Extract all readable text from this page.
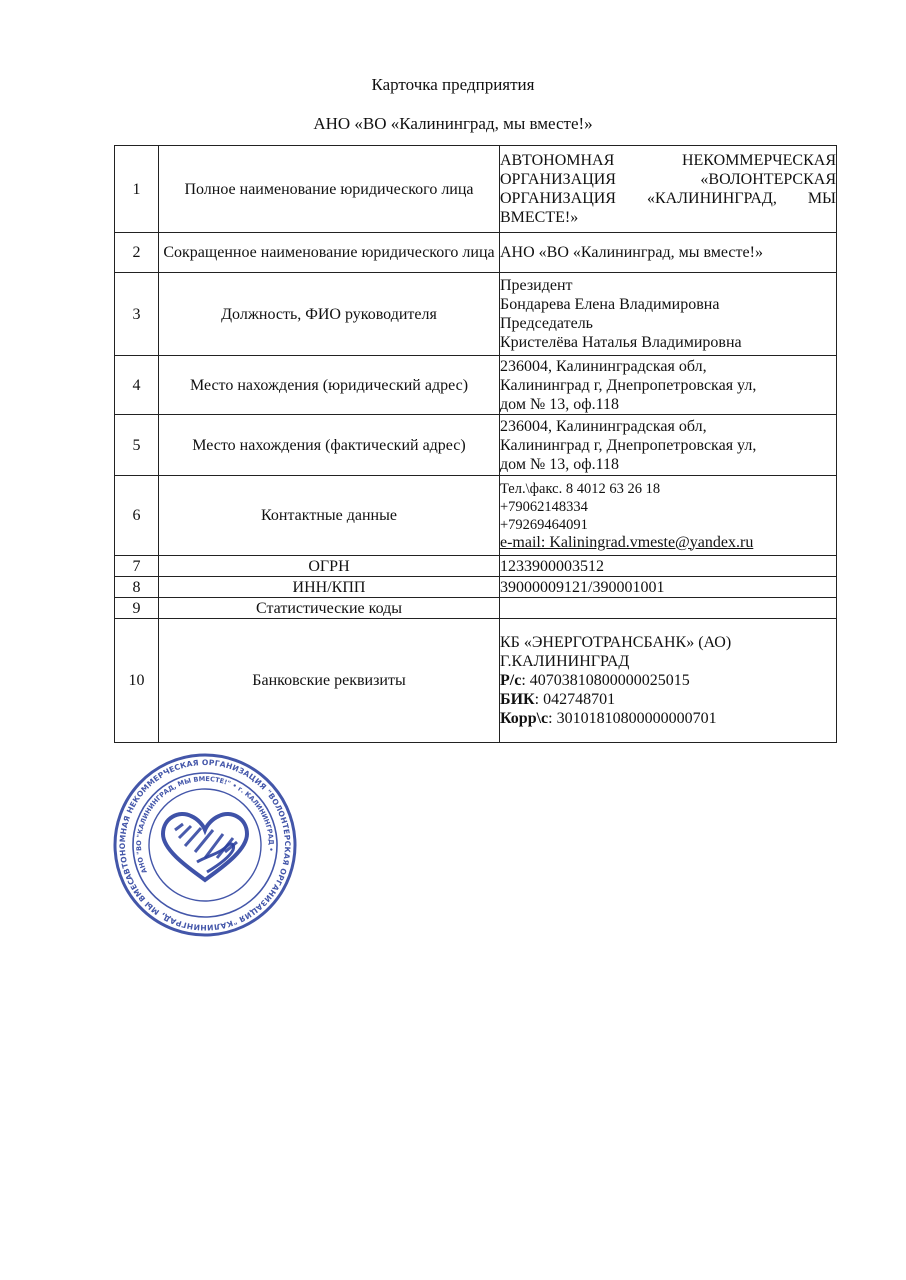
Карточка предприятия
АНО «ВО «Калининград, мы вместе!»
1	Полное наименование юридического лица	АВТОНОМНАЯ НЕКОММЕРЧЕСКАЯ ОРГАНИЗАЦИЯ «ВОЛОНТЕРСКАЯ ОРГАНИЗАЦИЯ «КАЛИНИНГРАД, МЫ ВМЕСТЕ!»
2	Сокращенное наименование юридического лица	АНО «ВО «Калининград, мы вместе!»

3	Должность, ФИО руководителя	Президент
Бондарева Елена Владимировна
Председатель
Кристелёва Наталья Владимировна

4	Место нахождения (юридический адрес)	236004, Калининградская обл,
Калининград г, Днепропетровская ул,
дом № 13, оф.118

5	Место нахождения (фактический адрес)	236004, Калининградская обл,
Калининград г, Днепропетровская ул,
дом № 13, оф.118

6	Контактные данные	Тел.\факс. 8 4012 63 26 18
+79062148334
+79269464091
e-mail: Kaliningrad.vmeste@yandex.ru

7	ОГРН	1233900003512

8	ИНН/КПП	39000009121/390001001

9	Статистические коды	

10	Банковские реквизиты	КБ «ЭНЕРГОТРАНСБАНК» (АО)
Г.КАЛИНИНГРАД
Р/с: 40703810800000025015
БИК: 042748701
Корр\с: 30101810800000000701
АВТОНОМНАЯ НЕКОММЕРЧЕСКАЯ ОРГАНИЗАЦИЯ "ВОЛОНТЕРСКАЯ ОРГАНИЗАЦИЯ "КАЛИНИНГРАД, МЫ ВМЕСТЕ!"
АНО "ВО "КАЛИНИНГРАД, МЫ ВМЕСТЕ!" • г. КАЛИНИНГРАД •
